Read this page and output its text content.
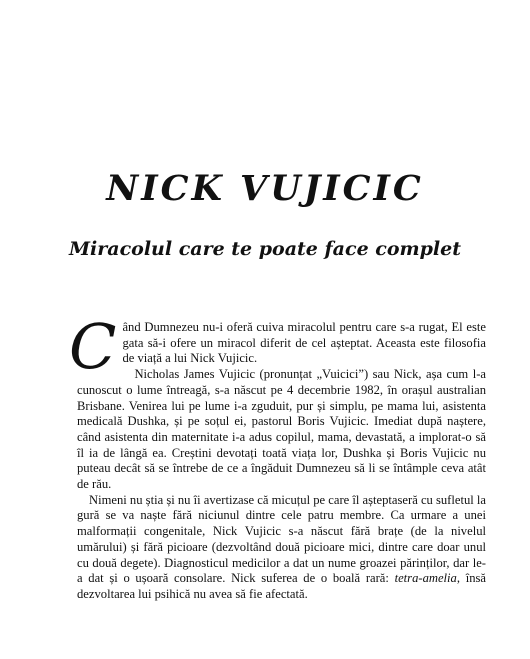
NICK VUJICIC
Miracolul care te poate face complet

Când Dumnezeu nu-i oferă cuiva miracolul pentru care s-a rugat, El este gata să-i ofere un miracol diferit de cel așteptat. Aceasta este filosofia de viață a lui Nick Vujicic.

Nicholas James Vujicic (pronunțat „Vuicici”) sau Nick, așa cum l-a cunoscut o lume întreagă, s-a născut pe 4 decembrie 1982, în orașul australian Brisbane. Venirea lui pe lume i-a zguduit, pur și simplu, pe mama lui, asistenta medicală Dushka, și pe soțul ei, pastorul Boris Vujicic. Imediat după naștere, când asistenta din maternitate i-a adus copilul, mama, devastată, a implorat-o să îl ia de lângă ea. Creștini devotați toată viața lor, Dushka și Boris Vujicic nu puteau decât să se întrebe de ce a îngăduit Dumnezeu să li se întâmple ceva atât de rău.

Nimeni nu știa și nu îi avertizase că micuțul pe care îl așteptaseră cu sufletul la gură se va naște fără niciunul dintre cele patru membre. Ca urmare a unei malformații congenitale, Nick Vujicic s-a născut fără brațe (de la nivelul umărului) și fără picioare (dezvoltând două picioare mici, dintre care doar unul cu două degete). Diagnosticul medicilor a dat un nume groazei părinților, dar le-a dat și o ușoară consolare. Nick suferea de o boală rară: tetra-amelia, însă dezvoltarea lui psihică nu avea să fie afectată.
